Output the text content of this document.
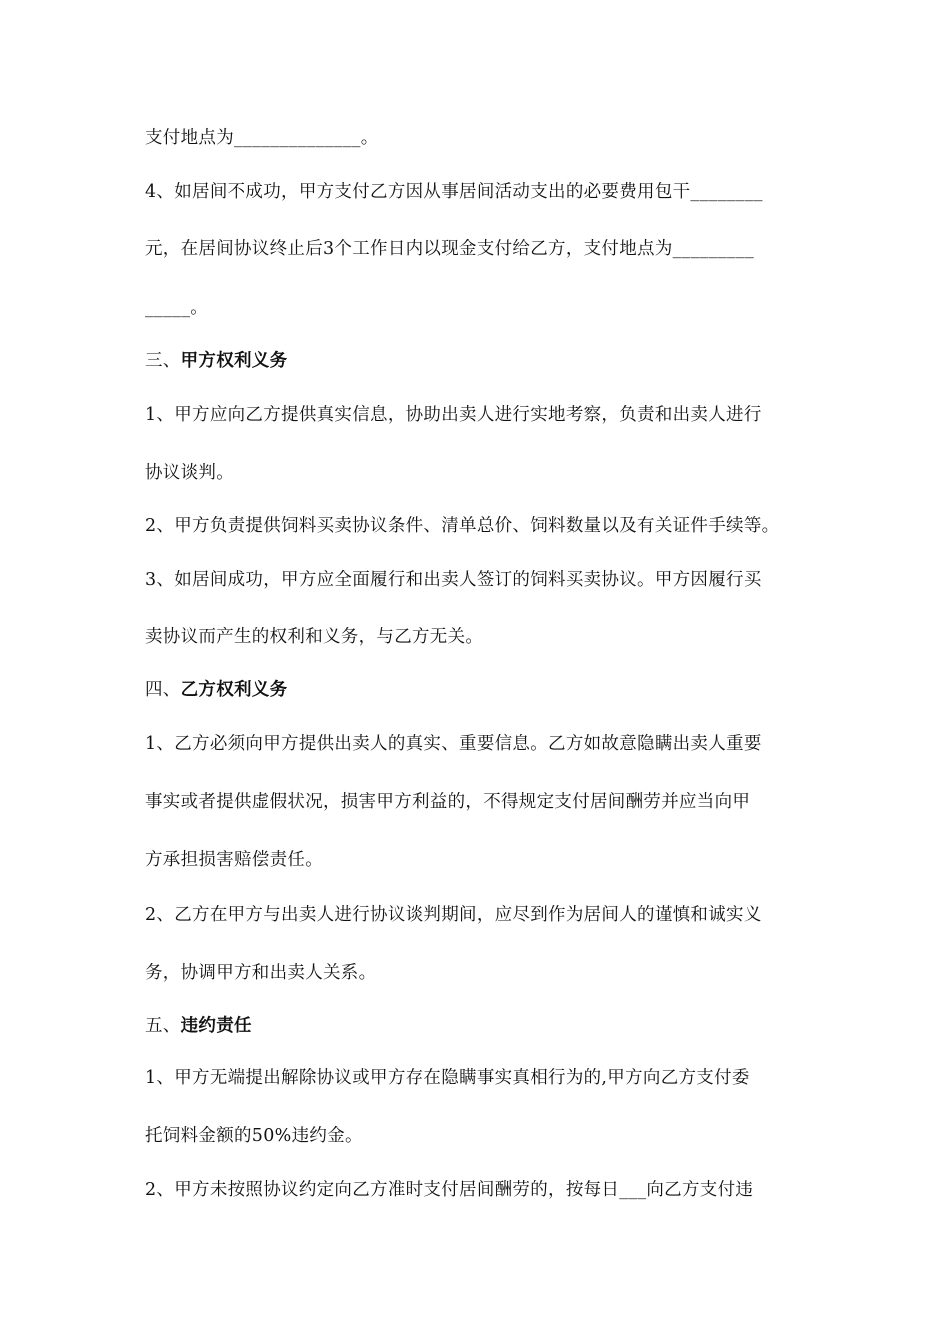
支付地点为______________。
4、如居间不成功，甲方支付乙方因从事居间活动支出的必要费用包干________
元，在居间协议终止后3个工作日内以现金支付给乙方，支付地点为_________
_____。
三、甲方权利义务
1、甲方应向乙方提供真实信息，协助出卖人进行实地考察，负责和出卖人进行
协议谈判。
2、甲方负责提供饲料买卖协议条件、清单总价、饲料数量以及有关证件手续等。
3、如居间成功，甲方应全面履行和出卖人签订的饲料买卖协议。甲方因履行买
卖协议而产生的权利和义务，与乙方无关。
四、乙方权利义务
1、乙方必须向甲方提供出卖人的真实、重要信息。乙方如故意隐瞒出卖人重要
事实或者提供虚假状况，损害甲方利益的，不得规定支付居间酬劳并应当向甲
方承担损害赔偿责任。
2、乙方在甲方与出卖人进行协议谈判期间，应尽到作为居间人的谨慎和诚实义
务，协调甲方和出卖人关系。
五、违约责任
1、甲方无端提出解除协议或甲方存在隐瞒事实真相行为的,甲方向乙方支付委
托饲料金额的50%违约金。
2、甲方未按照协议约定向乙方准时支付居间酬劳的，按每日___向乙方支付违
